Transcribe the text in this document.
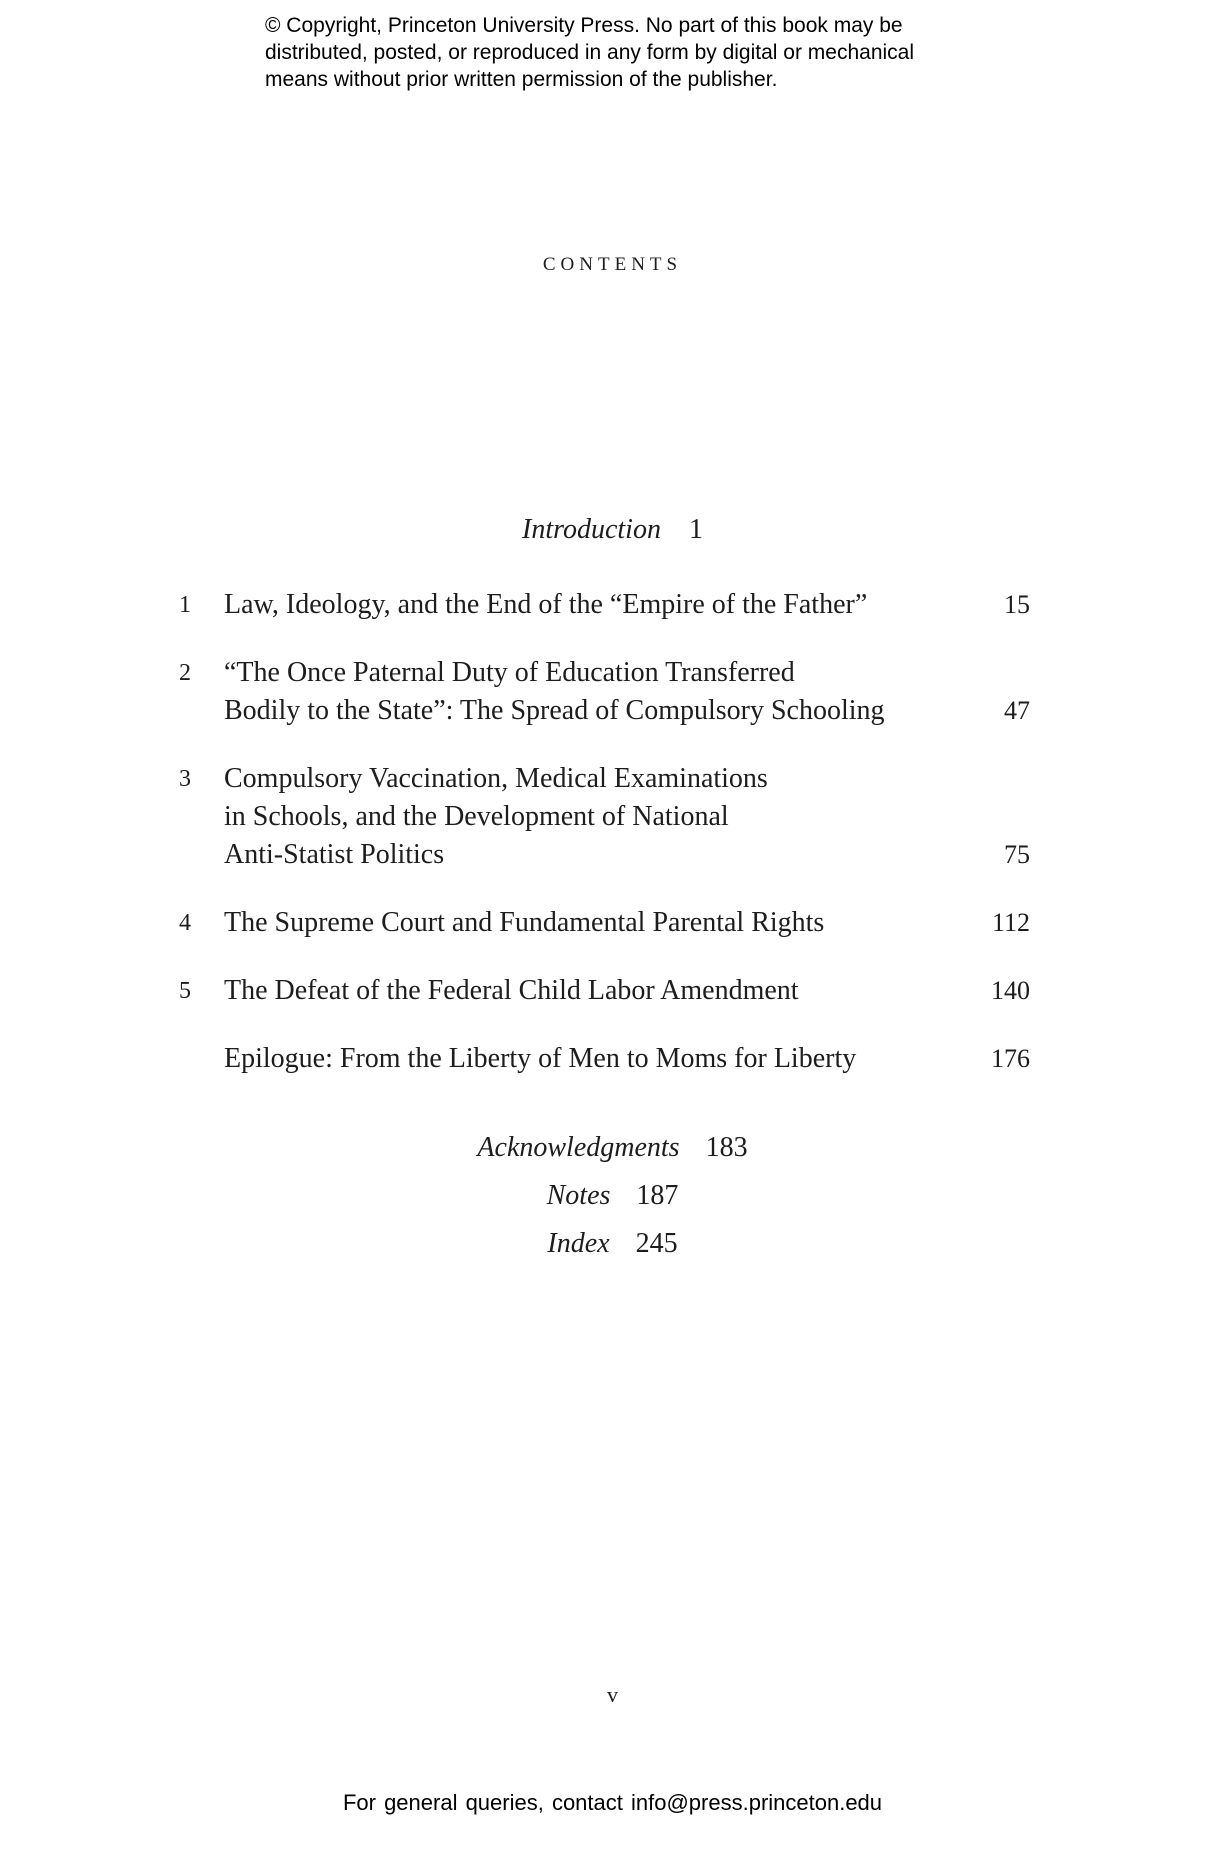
© Copyright, Princeton University Press. No part of this book may be
distributed, posted, or reproduced in any form by digital or mechanical
means without prior written permission of the publisher.
contents
Introduction 1
1	Law, Ideology, and the End of the “Empire of the Father”	15
2	“The Once Paternal Duty of Education Transferred
Bodily to the State”: The Spread of Compulsory Schooling	47
3	Compulsory Vaccination, Medical Examinations
in Schools, and the Development of National
Anti-Statist Politics	75
4	The Supreme Court and Fundamental Parental Rights	112
5	The Defeat of the Federal Child Labor Amendment	140
Epilogue: From the Liberty of Men to Moms for Liberty	176
Acknowledgments 183
Notes 187
Index 245
v
For general queries, contact info@press.princeton.edu
